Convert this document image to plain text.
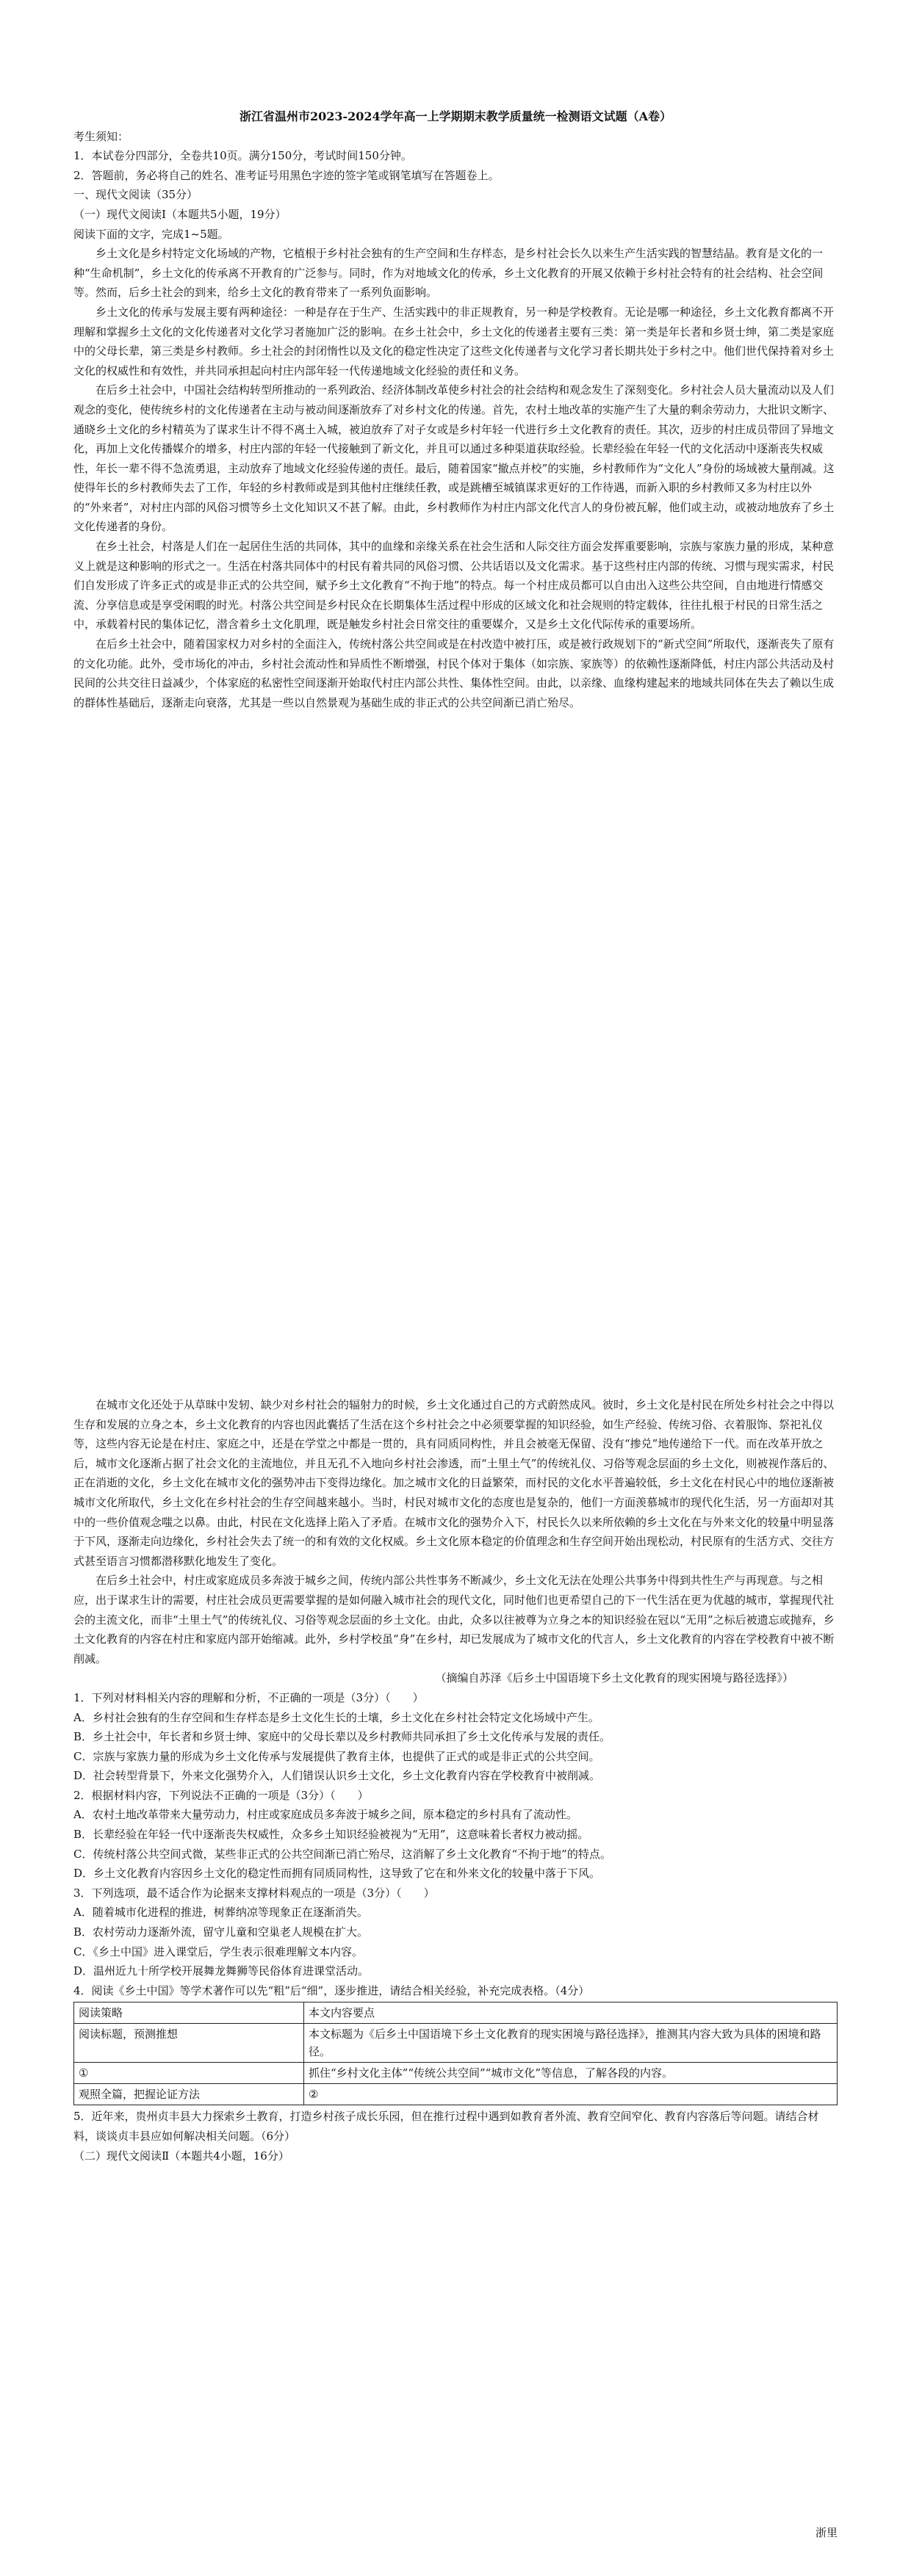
浙江省温州市2023-2024学年高一上学期期末教学质量统一检测语文试题（A卷）
考生须知：
1．本试卷分四部分，全卷共10页。满分150分，考试时间150分钟。
2．答题前，务必将自己的姓名、准考证号用黑色字迹的签字笔或钢笔填写在答题卷上。
一、现代文阅读（35分）
（一）现代文阅读Ⅰ（本题共5小题，19分）
阅读下面的文字，完成1~5题。
乡土文化是乡村特定文化场域的产物，它植根于乡村社会独有的生产空间和生存样态，是乡村社会长久以来生产生活实践的智慧结晶。教育是文化的一种“生命机制”，乡土文化的传承离不开教育的广泛参与。同时，作为对地域文化的传承，乡土文化教育的开展又依赖于乡村社会特有的社会结构、社会空间等。然而，后乡土社会的到来，给乡土文化的教育带来了一系列负面影响。
乡土文化的传承与发展主要有两种途径：一种是存在于生产、生活实践中的非正规教育，另一种是学校教育。无论是哪一种途径，乡土文化教育都离不开理解和掌握乡土文化的文化传递者对文化学习者施加广泛的影响。在乡土社会中，乡土文化的传递者主要有三类：第一类是年长者和乡贤士绅，第二类是家庭中的父母长辈，第三类是乡村教师。乡土社会的封闭惰性以及文化的稳定性决定了这些文化传递者与文化学习者长期共处于乡村之中。他们世代保持着对乡土文化的权威性和有效性，并共同承担起向村庄内部年轻一代传递地域文化经验的责任和义务。
在后乡土社会中，中国社会结构转型所推动的一系列政治、经济体制改革使乡村社会的社会结构和观念发生了深刻变化。乡村社会人员大量流动以及人们观念的变化，使传统乡村的文化传递者在主动与被动间逐渐放弃了对乡村文化的传递。首先，农村土地改革的实施产生了大量的剩余劳动力，大批识文断字、通晓乡土文化的乡村精英为了谋求生计不得不离土入城，被迫放弃了对子女或是乡村年轻一代进行乡土文化教育的责任。其次，迈步的村庄成员带回了异地文化，再加上文化传播媒介的增多，村庄内部的年轻一代接触到了新文化，并且可以通过多种渠道获取经验。长辈经验在年轻一代的文化活动中逐渐丧失权威性，年长一辈不得不急流勇退，主动放弃了地域文化经验传递的责任。最后，随着国家“撤点并校”的实施，乡村教师作为“文化人”身份的场域被大量削减。这使得年长的乡村教师失去了工作，年轻的乡村教师或是到其他村庄继续任教，或是跳槽至城镇谋求更好的工作待遇，而新入职的乡村教师又多为村庄以外的“外来者”，对村庄内部的风俗习惯等乡土文化知识又不甚了解。由此，乡村教师作为村庄内部文化代言人的身份被瓦解，他们或主动，或被动地放弃了乡土文化传递者的身份。
在乡土社会，村落是人们在一起居住生活的共同体，其中的血缘和亲缘关系在社会生活和人际交往方面会发挥重要影响，宗族与家族力量的形成，某种意义上就是这种影响的形式之一。生活在村落共同体中的村民有着共同的风俗习惯、公共话语以及文化需求。基于这些村庄内部的传统、习惯与现实需求，村民们自发形成了许多正式的或是非正式的公共空间，赋予乡土文化教育“不拘于地”的特点。每一个村庄成员都可以自由出入这些公共空间，自由地进行情感交流、分享信息或是享受闲暇的时光。村落公共空间是乡村民众在长期集体生活过程中形成的区域文化和社会规则的特定载体，往往扎根于村民的日常生活之中，承载着村民的集体记忆，潜含着乡土文化肌理，既是触发乡村社会日常交往的重要媒介，又是乡土文化代际传承的重要场所。
在后乡土社会中，随着国家权力对乡村的全面注入，传统村落公共空间或是在村改造中被打压，或是被行政规划下的“新式空间”所取代，逐渐丧失了原有的文化功能。此外，受市场化的冲击，乡村社会流动性和异质性不断增强，村民个体对于集体（如宗族、家族等）的依赖性逐渐降低，村庄内部公共活动及村民间的公共交往日益减少，个体家庭的私密性空间逐渐开始取代村庄内部公共性、集体性空间。由此，以亲缘、血缘构建起来的地域共同体在失去了赖以生成的群体性基础后，逐渐走向衰落，尤其是一些以自然景观为基础生成的非正式的公共空间渐已消亡殆尽。
在城市文化还处于从草昧中发轫、缺少对乡村社会的辐射力的时候，乡土文化通过自己的方式蔚然成风。彼时，乡土文化是村民在所处乡村社会之中得以生存和发展的立身之本，乡土文化教育的内容也因此囊括了生活在这个乡村社会之中必须要掌握的知识经验，如生产经验、传统习俗、衣着服饰、祭祀礼仪等，这些内容无论是在村庄、家庭之中，还是在学堂之中都是一贯的，具有同质同构性，并且会被毫无保留、没有“掺兑”地传递给下一代。而在改革开放之后，城市文化逐渐占据了社会文化的主流地位，并且无孔不入地向乡村社会渗透，而“土里土气”的传统礼仪、习俗等观念层面的乡土文化，则被视作落后的、正在消逝的文化，乡土文化在城市文化的强势冲击下变得边缘化。加之城市文化的日益繁荣，而村民的文化水平普遍较低，乡土文化在村民心中的地位逐渐被城市文化所取代，乡土文化在乡村社会的生存空间越来越小。当时，村民对城市文化的态度也是复杂的，他们一方面羡慕城市的现代化生活，另一方面却对其中的一些价值观念嗤之以鼻。由此，村民在文化选择上陷入了矛盾。在城市文化的强势介入下，村民长久以来所依赖的乡土文化在与外来文化的较量中明显落于下风，逐渐走向边缘化，乡村社会失去了统一的和有效的文化权威。乡土文化原本稳定的价值理念和生存空间开始出现松动，村民原有的生活方式、交往方式甚至语言习惯都潜移默化地发生了变化。
在后乡土社会中，村庄或家庭成员多奔波于城乡之间，传统内部公共性事务不断减少，乡土文化无法在处理公共事务中得到共性生产与再现意。与之相应，出于谋求生计的需要，村庄社会成员更需要掌握的是如何融入城市社会的现代文化，同时他们也更希望自己的下一代生活在更为优越的城市，掌握现代社会的主流文化，而非“土里土气”的传统礼仪、习俗等观念层面的乡土文化。由此，众多以往被尊为立身之本的知识经验在冠以“无用”之标后被遗忘或抛弃，乡土文化教育的内容在村庄和家庭内部开始缩减。此外，乡村学校虽“身”在乡村，却已发展成为了城市文化的代言人，乡土文化教育的内容在学校教育中被不断削减。
（摘编自苏泽《后乡土中国语境下乡土文化教育的现实困境与路径选择》）
1．下列对材料相关内容的理解和分析，不正确的一项是（3分）（　　）
A．乡村社会独有的生存空间和生存样态是乡土文化生长的土壤，乡土文化在乡村社会特定文化场域中产生。
B．乡土社会中，年长者和乡贤士绅、家庭中的父母长辈以及乡村教师共同承担了乡土文化传承与发展的责任。
C．宗族与家族力量的形成为乡土文化传承与发展提供了教育主体，也提供了正式的或是非正式的公共空间。
D．社会转型背景下，外来文化强势介入，人们错误认识乡土文化，乡土文化教育内容在学校教育中被削减。
2．根据材料内容，下列说法不正确的一项是（3分）（　　）
A．农村土地改革带来大量劳动力，村庄或家庭成员多奔波于城乡之间，原本稳定的乡村具有了流动性。
B．长辈经验在年轻一代中逐渐丧失权威性，众多乡土知识经验被视为“无用”，这意味着长者权力被动摇。
C．传统村落公共空间式微，某些非正式的公共空间渐已消亡殆尽，这消解了乡土文化教育“不拘于地”的特点。
D．乡土文化教育内容因乡土文化的稳定性而拥有同质同构性，这导致了它在和外来文化的较量中落于下风。
3．下列选项，最不适合作为论据来支撑材料观点的一项是（3分）（　　）
A．随着城市化进程的推进，树葬纳凉等现象正在逐渐消失。
B．农村劳动力逐渐外流，留守儿童和空巢老人规模在扩大。
C．《乡土中国》进入课堂后，学生表示很难理解文本内容。
D．温州近九十所学校开展舞龙舞狮等民俗体育进课堂活动。
4．阅读《乡土中国》等学术著作可以先“粗”后“细”，逐步推进，请结合相关经验，补充完成表格。（4分）
阅读策略	本文内容要点
阅读标题，预测推想	本文标题为《后乡土中国语境下乡土文化教育的现实困境与路径选择》，推测其内容大致为具体的困境和路径。
①	抓住“乡村文化主体”“传统公共空间”“城市文化”等信息，了解各段的内容。
观照全篇，把握论证方法	②
5．近年来，贵州贞丰县大力探索乡土教育，打造乡村孩子成长乐园，但在推行过程中遇到如教育者外流、教育空间窄化、教育内容落后等问题。请结合材料，谈谈贞丰县应如何解决相关问题。（6分）
（二）现代文阅读Ⅱ（本题共4小题，16分）
浙里
